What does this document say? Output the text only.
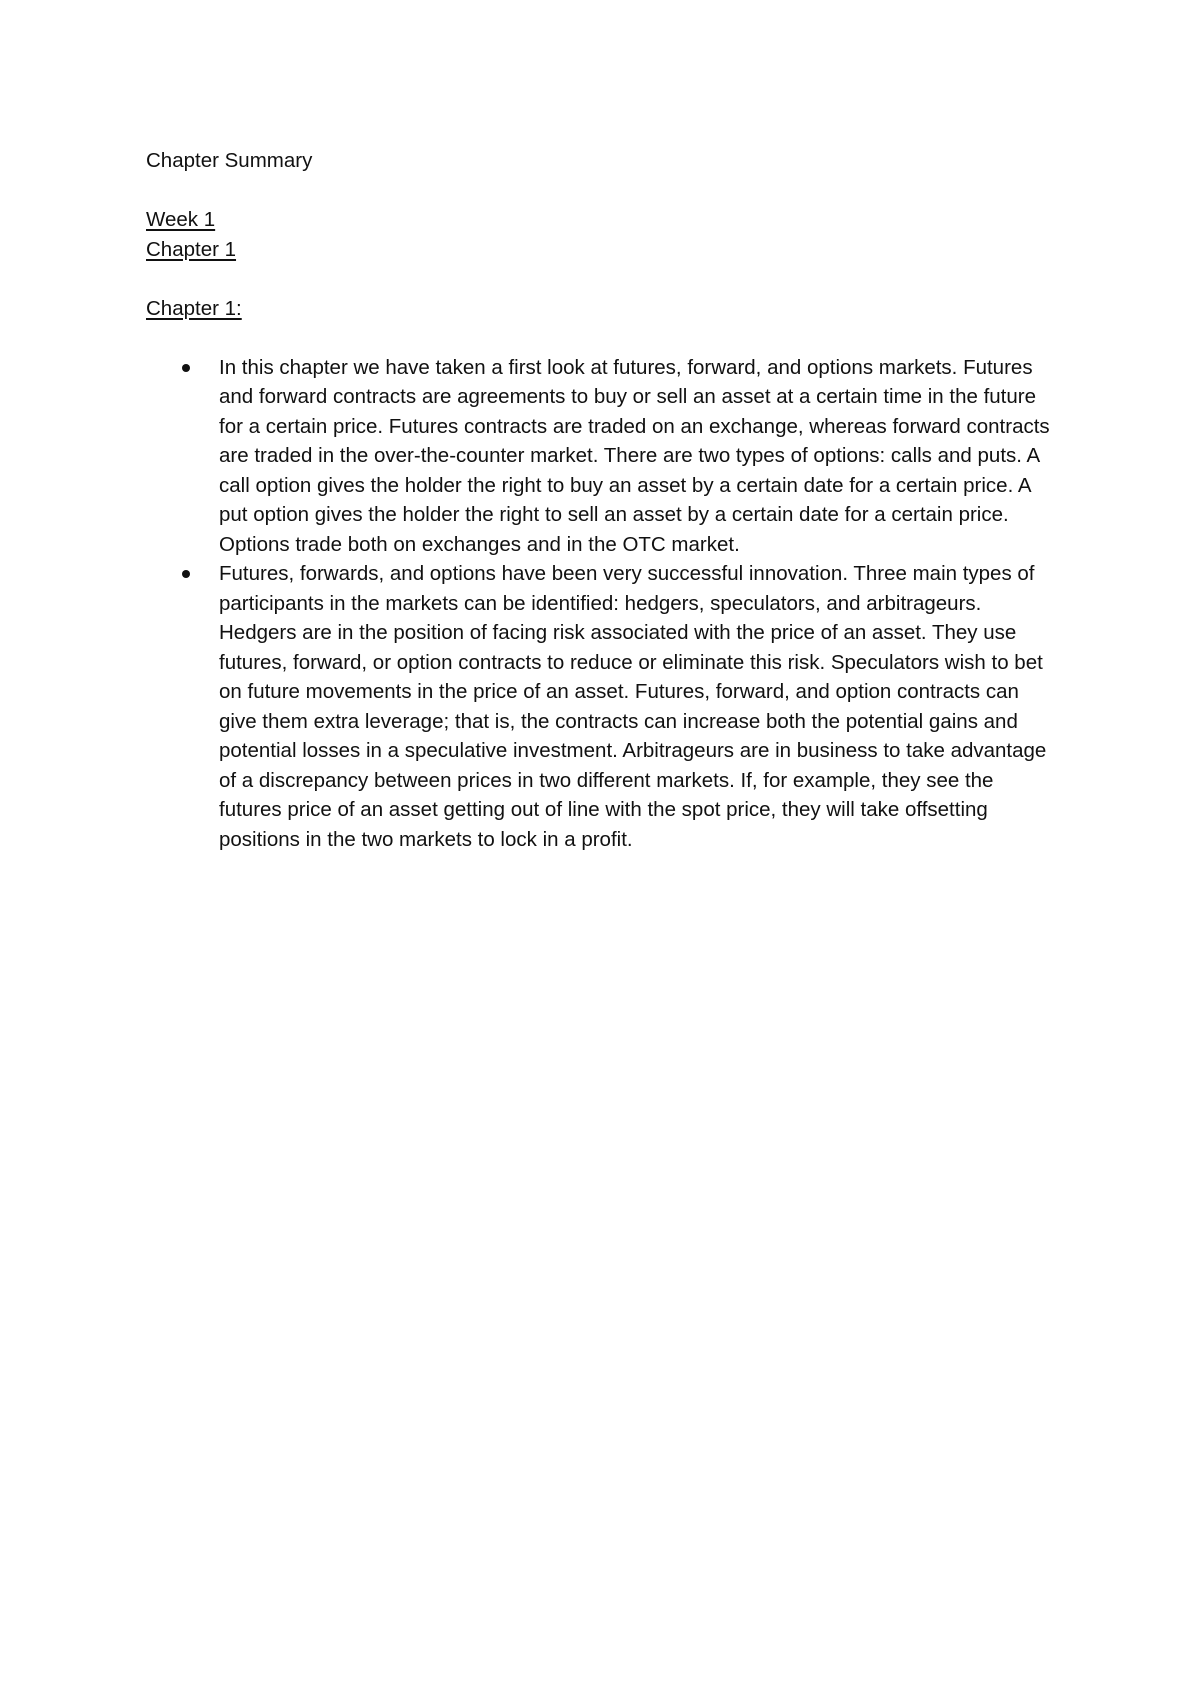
Chapter Summary

Week 1
Chapter 1
Chapter 1:
In this chapter we have taken a first look at futures, forward, and options markets. Futures and forward contracts are agreements to buy or sell an asset at a certain time in the future for a certain price. Futures contracts are traded on an exchange, whereas forward contracts are traded in the over-the-counter market. There are two types of options: calls and puts. A call option gives the holder the right to buy an asset by a certain date for a certain price. A put option gives the holder the right to sell an asset by a certain date for a certain price. Options trade both on exchanges and in the OTC market.
Futures, forwards, and options have been very successful innovation. Three main types of participants in the markets can be identified: hedgers, speculators, and arbitrageurs. Hedgers are in the position of facing risk associated with the price of an asset. They use futures, forward, or option contracts to reduce or eliminate this risk. Speculators wish to bet on future movements in the price of an asset. Futures, forward, and option contracts can give them extra leverage; that is, the contracts can increase both the potential gains and potential losses in a speculative investment. Arbitrageurs are in business to take advantage of a discrepancy between prices in two different markets. If, for example, they see the futures price of an asset getting out of line with the spot price, they will take offsetting positions in the two markets to lock in a profit.
